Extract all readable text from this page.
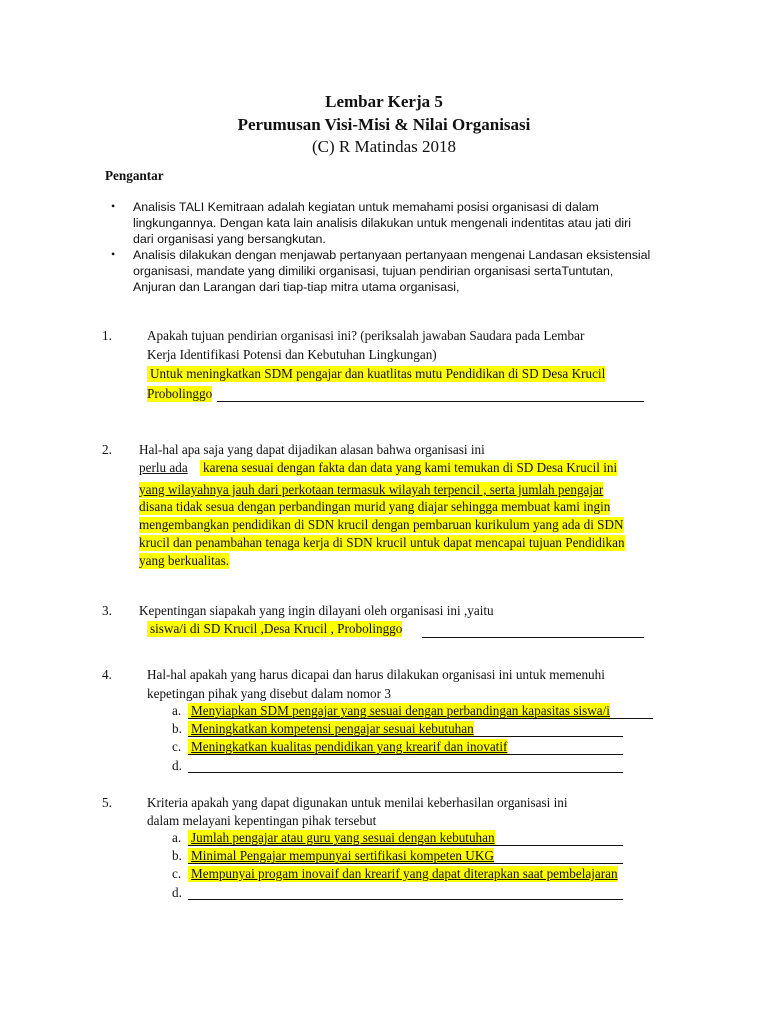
Lembar Kerja 5
Perumusan Visi-Misi & Nilai Organisasi
(C) R Matindas 2018
Pengantar
• Analisis TALI Kemitraan adalah kegiatan untuk memahami posisi organisasi di dalam
lingkungannya. Dengan kata lain analisis dilakukan untuk mengenali indentitas atau jati diri
dari organisasi yang bersangkutan.
• Analisis dilakukan dengan menjawab pertanyaan pertanyaan mengenai Landasan eksistensial
organisasi, mandate yang dimiliki organisasi, tujuan pendirian organisasi sertaTuntutan,
Anjuran dan Larangan dari tiap-tiap mitra utama organisasi,
1.	Apakah tujuan pendirian organisasi ini? (periksalah jawaban Saudara pada Lembar
Kerja Identifikasi Potensi dan Kebutuhan Lingkungan)
Untuk meningkatkan SDM pengajar dan kuatlitas mutu Pendidikan di SD Desa Krucil
Probolinggo
2. Hal-hal apa saja yang dapat dijadikan alasan bahwa organisasi ini
perlu ada karena sesuai dengan fakta dan data yang kami temukan di SD Desa Krucil ini
yang wilayahnya jauh dari perkotaan termasuk wilayah terpencil , serta jumlah pengajar
disana tidak sesua dengan perbandingan murid yang diajar sehingga membuat kami ingin
mengembangkan pendidikan di SDN krucil dengan pembaruan kurikulum yang ada di SDN
krucil dan penambahan tenaga kerja di SDN krucil untuk dapat mencapai tujuan Pendidikan
yang berkualitas.
3. Kepentingan siapakah yang ingin dilayani oleh organisasi ini ,yaitu
siswa/i di SD Krucil ,Desa Krucil , Probolinggo
4.	Hal-hal apakah yang harus dicapai dan harus dilakukan organisasi ini untuk memenuhi
kepetingan pihak yang disebut dalam nomor 3
a. Menyiapkan SDM pengajar yang sesuai dengan perbandingan kapasitas siswa/i
b. Meningkatkan kompetensi pengajar sesuai kebutuhan
c. Meningkatkan kualitas pendidikan yang krearif dan inovatif
d.
5.	Kriteria apakah yang dapat digunakan untuk menilai keberhasilan organisasi ini
dalam melayani kepentingan pihak tersebut
a. Jumlah pengajar atau guru yang sesuai dengan kebutuhan
b. Minimal Pengajar mempunyai sertifikasi kompeten UKG
c. Mempunyai progam inovaif dan krearif yang dapat diterapkan saat pembelajaran
d.
